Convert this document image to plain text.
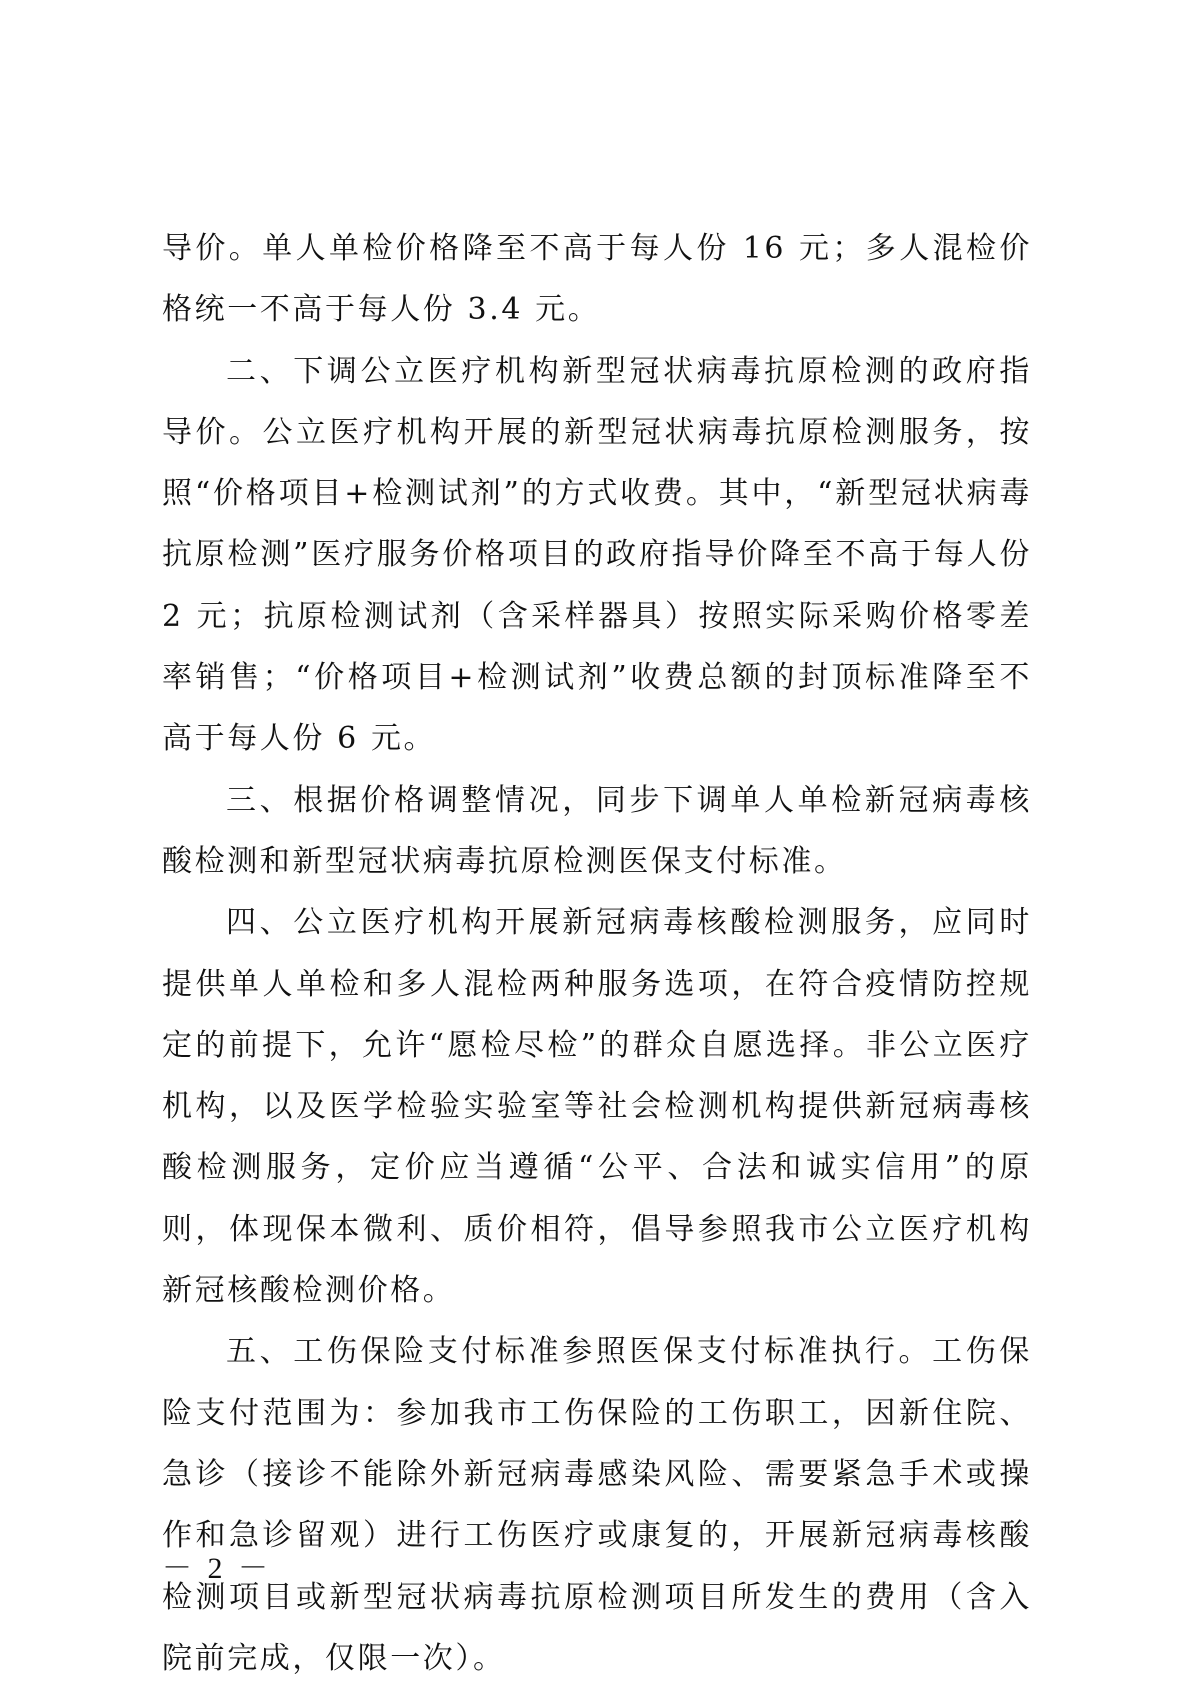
导价。单人单检价格降至不高于每人份 16 元；多人混检价格统一不高于每人份 3.4 元。

二、下调公立医疗机构新型冠状病毒抗原检测的政府指导价。公立医疗机构开展的新型冠状病毒抗原检测服务，按照“价格项目+检测试剂”的方式收费。其中，“新型冠状病毒抗原检测”医疗服务价格项目的政府指导价降至不高于每人份 2 元；抗原检测试剂（含采样器具）按照实际采购价格零差率销售；“价格项目+检测试剂”收费总额的封顶标准降至不高于每人份 6 元。

三、根据价格调整情况，同步下调单人单检新冠病毒核酸检测和新型冠状病毒抗原检测医保支付标准。

四、公立医疗机构开展新冠病毒核酸检测服务，应同时提供单人单检和多人混检两种服务选项，在符合疫情防控规定的前提下，允许“愿检尽检”的群众自愿选择。非公立医疗机构，以及医学检验实验室等社会检测机构提供新冠病毒核酸检测服务，定价应当遵循“公平、合法和诚实信用”的原则，体现保本微利、质价相符，倡导参照我市公立医疗机构新冠核酸检测价格。

五、工伤保险支付标准参照医保支付标准执行。工伤保险支付范围为：参加我市工伤保险的工伤职工，因新住院、急诊（接诊不能除外新冠病毒感染风险、需要紧急手术或操作和急诊留观）进行工伤医疗或康复的，开展新冠病毒核酸检测项目或新型冠状病毒抗原检测项目所发生的费用（含入院前完成，仅限一次）。

－ 2 －
